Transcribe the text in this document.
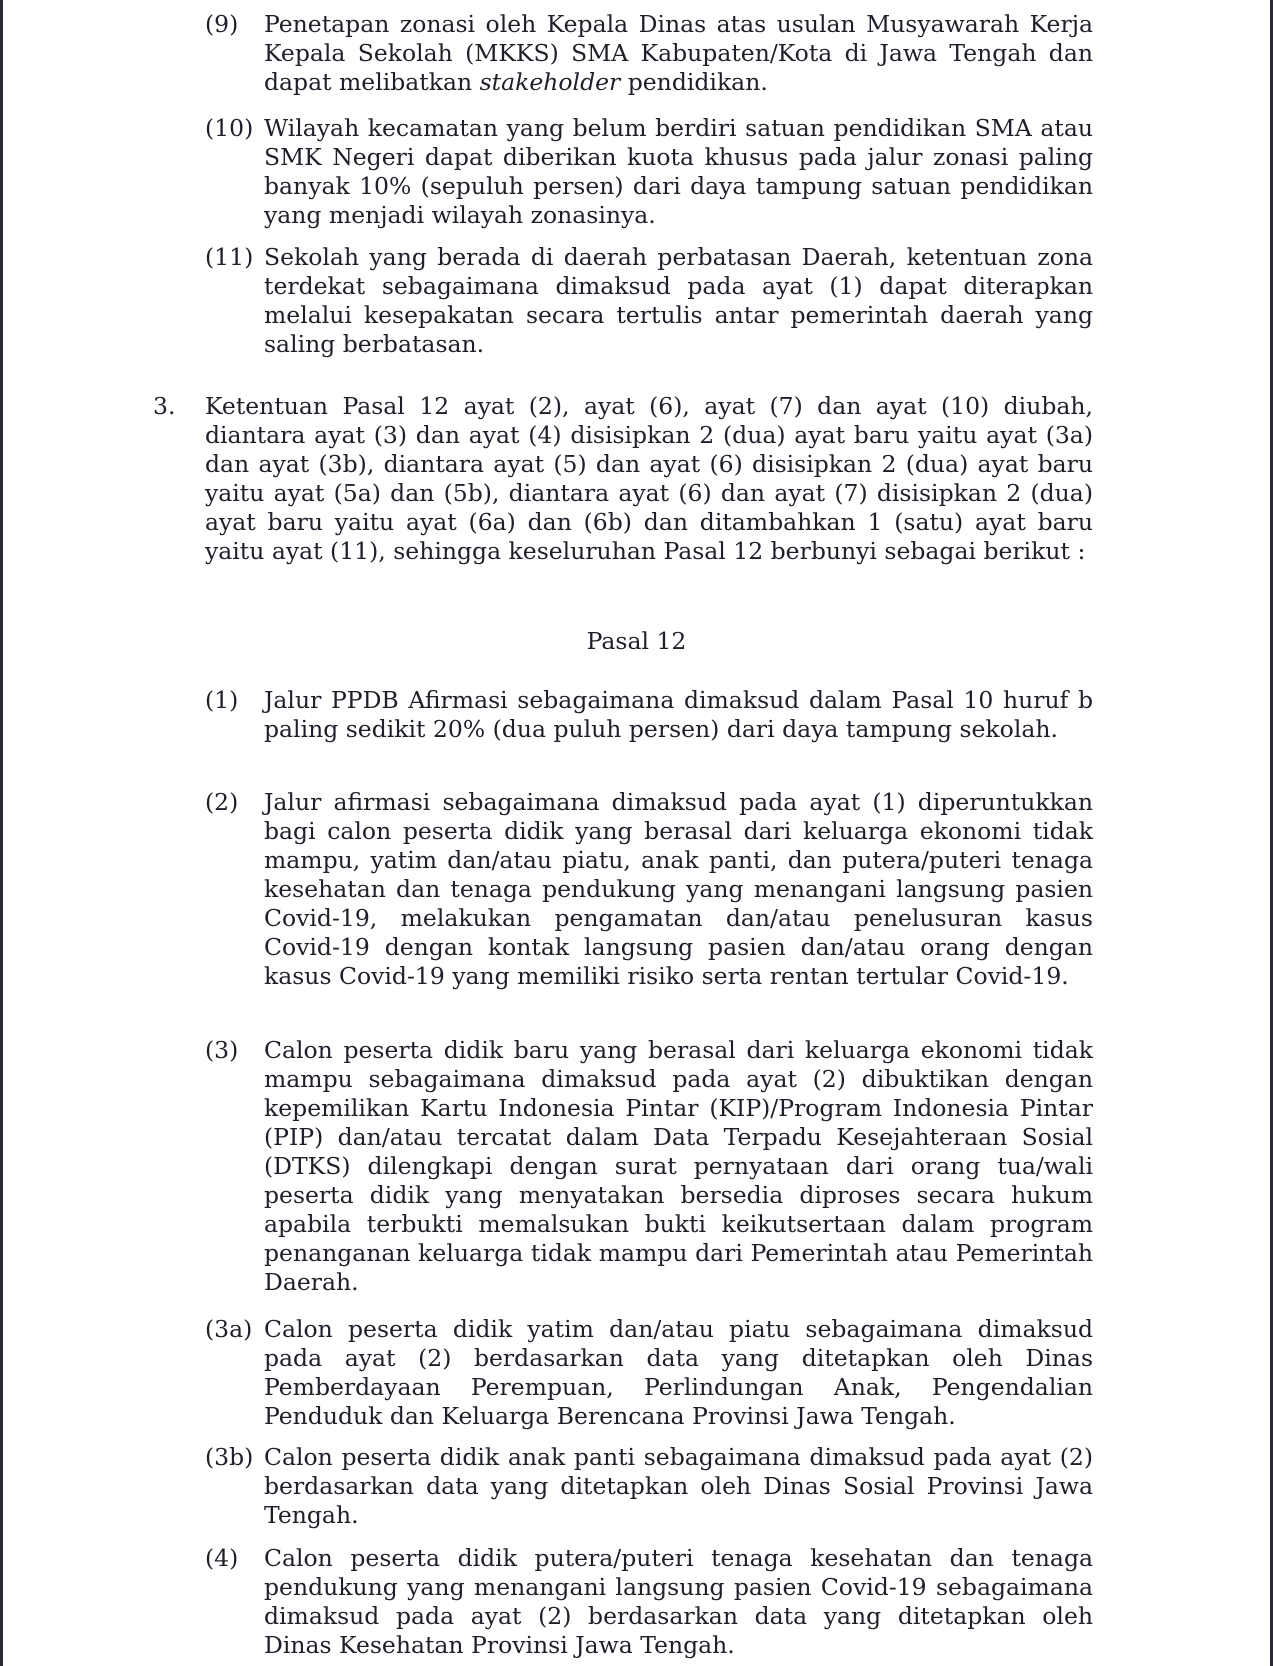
(9) Penetapan zonasi oleh Kepala Dinas atas usulan Musyawarah Kerja Kepala Sekolah (MKKS) SMA Kabupaten/Kota di Jawa Tengah dan dapat melibatkan stakeholder pendidikan.
(10) Wilayah kecamatan yang belum berdiri satuan pendidikan SMA atau SMK Negeri dapat diberikan kuota khusus pada jalur zonasi paling banyak 10% (sepuluh persen) dari daya tampung satuan pendidikan yang menjadi wilayah zonasinya.
(11) Sekolah yang berada di daerah perbatasan Daerah, ketentuan zona terdekat sebagaimana dimaksud pada ayat (1) dapat diterapkan melalui kesepakatan secara tertulis antar pemerintah daerah yang saling berbatasan.
3. Ketentuan Pasal 12 ayat (2), ayat (6), ayat (7) dan ayat (10) diubah, diantara ayat (3) dan ayat (4) disisipkan 2 (dua) ayat baru yaitu ayat (3a) dan ayat (3b), diantara ayat (5) dan ayat (6) disisipkan 2 (dua) ayat baru yaitu ayat (5a) dan (5b), diantara ayat (6) dan ayat (7) disisipkan 2 (dua) ayat baru yaitu ayat (6a) dan (6b) dan ditambahkan 1 (satu) ayat baru yaitu ayat (11), sehingga keseluruhan Pasal 12 berbunyi sebagai berikut :
Pasal 12
(1) Jalur PPDB Afirmasi sebagaimana dimaksud dalam Pasal 10 huruf b paling sedikit 20% (dua puluh persen) dari daya tampung sekolah.
(2) Jalur afirmasi sebagaimana dimaksud pada ayat (1) diperuntukkan bagi calon peserta didik yang berasal dari keluarga ekonomi tidak mampu, yatim dan/atau piatu, anak panti, dan putera/puteri tenaga kesehatan dan tenaga pendukung yang menangani langsung pasien Covid-19, melakukan pengamatan dan/atau penelusuran kasus Covid-19 dengan kontak langsung pasien dan/atau orang dengan kasus Covid-19 yang memiliki risiko serta rentan tertular Covid-19.
(3) Calon peserta didik baru yang berasal dari keluarga ekonomi tidak mampu sebagaimana dimaksud pada ayat (2) dibuktikan dengan kepemilikan Kartu Indonesia Pintar (KIP)/Program Indonesia Pintar (PIP) dan/atau tercatat dalam Data Terpadu Kesejahteraan Sosial (DTKS) dilengkapi dengan surat pernyataan dari orang tua/wali peserta didik yang menyatakan bersedia diproses secara hukum apabila terbukti memalsukan bukti keikutsertaan dalam program penanganan keluarga tidak mampu dari Pemerintah atau Pemerintah Daerah.
(3a) Calon peserta didik yatim dan/atau piatu sebagaimana dimaksud pada ayat (2) berdasarkan data yang ditetapkan oleh Dinas Pemberdayaan Perempuan, Perlindungan Anak, Pengendalian Penduduk dan Keluarga Berencana Provinsi Jawa Tengah.
(3b) Calon peserta didik anak panti sebagaimana dimaksud pada ayat (2) berdasarkan data yang ditetapkan oleh Dinas Sosial Provinsi Jawa Tengah.
(4) Calon peserta didik putera/puteri tenaga kesehatan dan tenaga pendukung yang menangani langsung pasien Covid-19 sebagaimana dimaksud pada ayat (2) berdasarkan data yang ditetapkan oleh Dinas Kesehatan Provinsi Jawa Tengah.
